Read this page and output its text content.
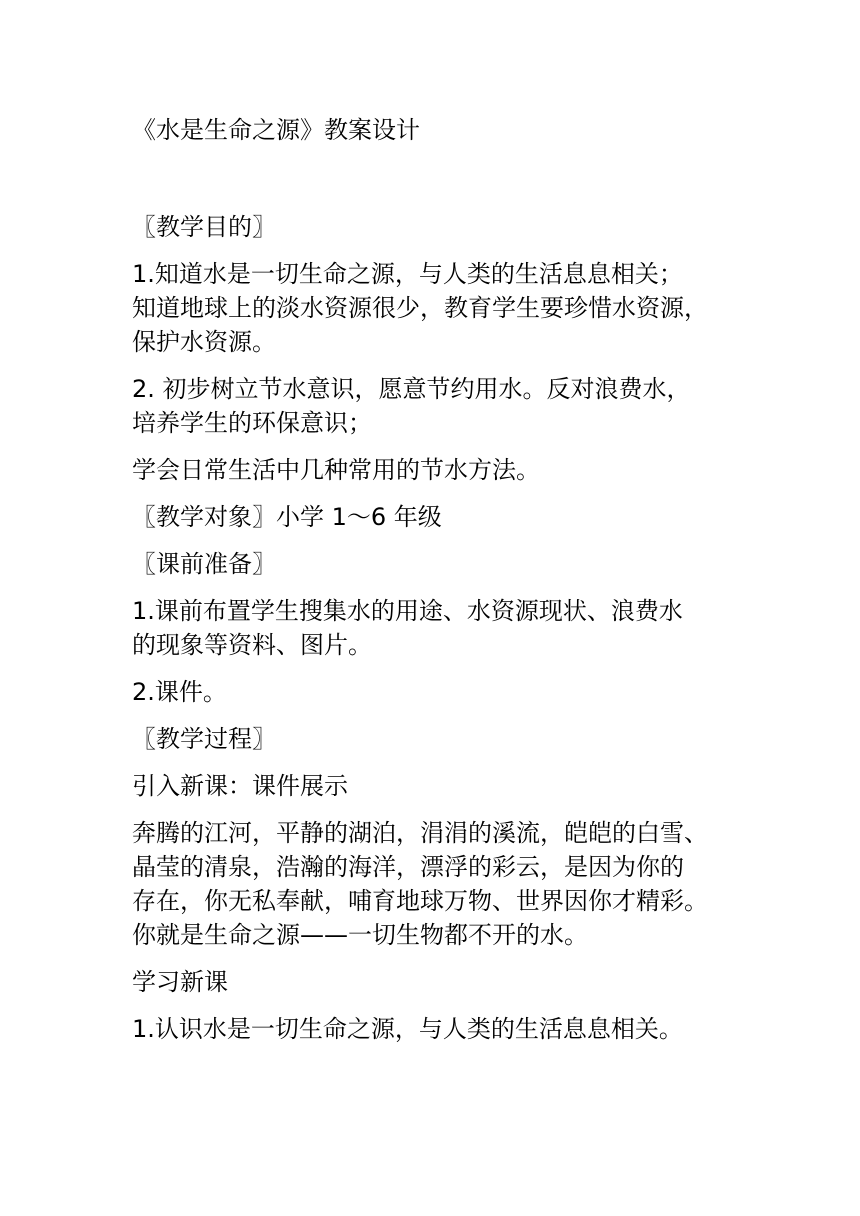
《水是生命之源》教案设计

〖教学目的〗

1.知道水是一切生命之源，与人类的生活息息相关；
知道地球上的淡水资源很少，教育学生要珍惜水资源，
保护水资源。

2. 初步树立节水意识，愿意节约用水。反对浪费水，
培养学生的环保意识；

学会日常生活中几种常用的节水方法。

〖教学对象〗小学 1～6 年级

〖课前准备〗

1.课前布置学生搜集水的用途、水资源现状、浪费水
的现象等资料、图片。

2.课件。

〖教学过程〗

引入新课：课件展示

奔腾的江河，平静的湖泊，涓涓的溪流，皑皑的白雪、
晶莹的清泉，浩瀚的海洋，漂浮的彩云，是因为你的
存在，你无私奉献，哺育地球万物、世界因你才精彩。
你就是生命之源——一切生物都不开的水。

学习新课

1.认识水是一切生命之源，与人类的生活息息相关。
